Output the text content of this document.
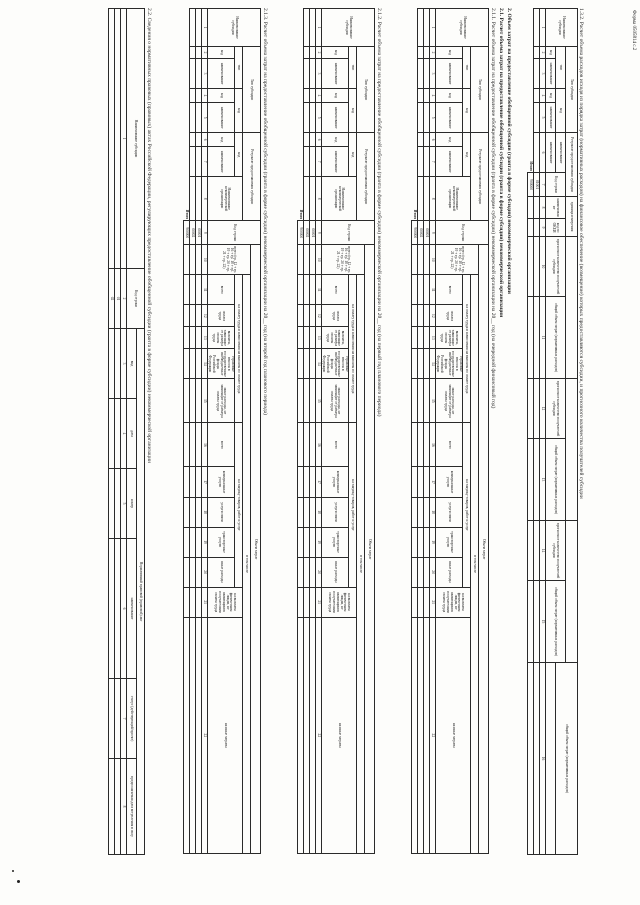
Форма 0505814 с.2
1.3.2. Расчет объема расходов исходя из порядка затрат (нормативных расходов) на финансовое обеспечение (возмещение) которых предоставляются субсидии, и прогнозного количества получателей субсидии
Наименование субсидии	Тип субсидии				Результат предоставления субсидии		единица измерения								общий объем затрат (нормативных расходов)
	тип		код		наименование	Код строки	наименование	код по ОКЕИ	прогнозное количество получателей субсидии	общий объем затрат (нормативных расходов)	прогнозное количество получателей субсидии	общий объем затрат (нормативных расходов)	прогнозное количество получателей субсидии	общий объем затрат (нормативных расходов)	
	код	наименование	код	наименование	наименование										
1	2	3	4	5	6	7	8	9	10	11	12	13	14	15	16
						01001									
Итого						900000									
2. Объем затрат на предоставление обобщенной субсидии (гранта в форме субсидии) некоммерческой организации
2.1. Расчет объема затрат на предоставление обобщенной субсидии (гранта в форме субсидии) некоммерческой организации
2.1.1. Расчет объема затрат на предоставление обобщенной субсидии (гранта в форме субсидии) некоммерческой организации на 20__ год (на очередной финансовый год)
Наименование субсидии	Тип субсидии				Результат предоставления субсидии			Код строки	Объем затрат												
									всего (гр. 12 + гр. 16 + гр. 18 + гр. 19 + гр. 20 + гр. 21 + гр. 22)	в том числе											
	тип		код		код		Наименование некоммерческой организации			на оплату труда и начисления на выплаты по оплате труда					на закупку товаров, работ и услуг					на выплаты физическим лицам, не являющимся получателями оплаты труда	на иные затраты
	код	наименование	код	наименование	код	наименование				всего	оплата труда	выплаты, зависящие от размера оплаты труда	страховые взносы в государственные внебюджетные фонды Российской Федерации	иные расходы, не зависящие от размера оплаты труда	всего	коммунальные услуги	услуги связи	транспортные услуги	иные расходы		
1	2	3	4	5	6	7	8	9	10	11	12	13	14	15	16	17	18	19	20	21	22
								00001													
								00002													
Итого								900000													
2.1.2. Расчет объема затрат на предоставление обобщенной субсидии (гранта в форме субсидии) некоммерческой организации на 20__ год (на первый год планового периода)
Наименование субсидии	Тип субсидии				Результат предоставления субсидии			Код строки	Объем затрат												
									всего (гр. 12 + гр. 16 + гр. 18 + гр. 19 + гр. 20 + гр. 21 + гр. 22)	в том числе											
	тип		код		код		Наименование некоммерческой организации			на оплату труда и начисления на выплаты по оплате труда					на закупку товаров, работ и услуг					на выплаты физическим лицам, не являющимся получателями оплаты труда	на иные затраты
	код	наименование	код	наименование	код	наименование				всего	оплата труда	выплаты, зависящие от размера оплаты труда	страховые взносы в государственные внебюджетные фонды Российской Федерации	иные расходы, не зависящие от размера оплаты труда	всего	коммунальные услуги	услуги связи	транспортные услуги	иные расходы		
1	2	3	4	5	6	7	8	9	10	11	12	13	14	15	16	17	18	19	20	21	22
								00001													
								00002													
Итого								900000													
2.1.3. Расчет объема затрат на предоставление обобщенной субсидии (гранта в форме субсидии) некоммерческой организации на 20__ год (на второй год планового периода)
Наименование субсидии	Тип субсидии				Результат предоставления субсидии			Код строки	Объем затрат												
									всего (гр. 12 + гр. 16 + гр. 18 + гр. 19 + гр. 20 + гр. 21 + гр. 22)	в том числе											
	тип		код		код		Наименование некоммерческой организации			на оплату труда и начисления на выплаты по оплате труда					на закупку товаров, работ и услуг					на выплаты физическим лицам, не являющимся получателями оплаты труда	на иные затраты
	код	наименование	код	наименование	код	наименование				всего	оплата труда	выплаты, зависящие от размера оплаты труда	страховые взносы в государственные внебюджетные фонды Российской Федерации	иные расходы, не зависящие от размера оплаты труда	всего	коммунальные услуги	услуги связи	транспортные услуги	иные расходы		
1	2	3	4	5	6	7	8	9	10	11	12	13	14	15	16	17	18	19	20	21	22
								00001													
								00002													
Итого								900000													
2.2. Сведения о нормативных правовых (правовых) актах Российской Федерации, регулирующих предоставление обобщенной субсидии (гранта в форме субсидии) некоммерческой организации
Наименование субсидии	Код строки	Нормативный правовой (правовой) акт					
		вид	дата	номер	наименование	статус (действующий/проект)	предполагаемая дата вступления в силу
1	2	3	4	5	6	7	8
	01						
	02						
